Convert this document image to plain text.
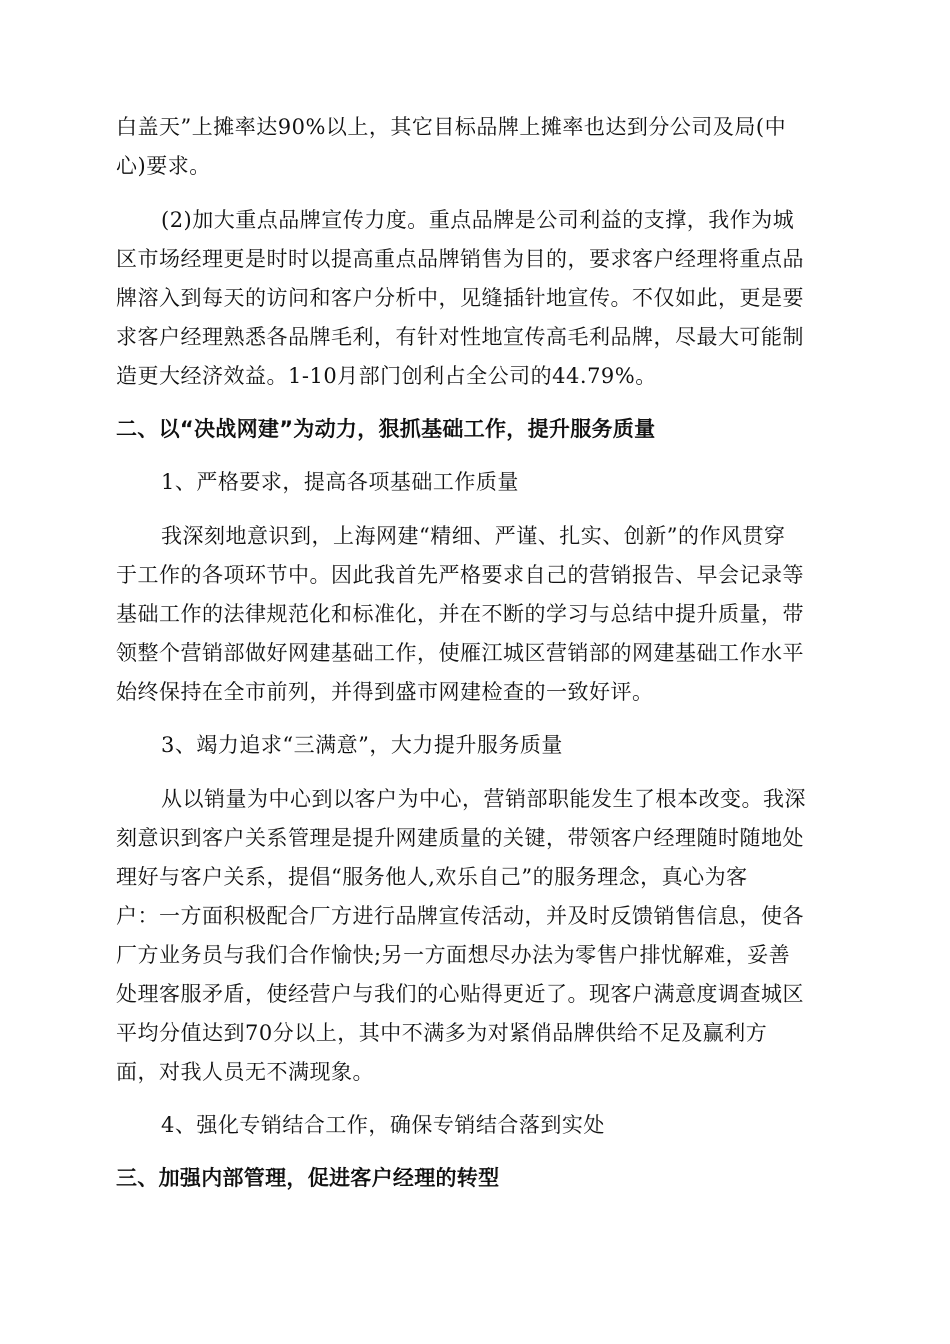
白盖天”上摊率达90%以上，其它目标品牌上摊率也达到分公司及局(中
心)要求。
(2)加大重点品牌宣传力度。重点品牌是公司利益的支撑，我作为城
区市场经理更是时时以提高重点品牌销售为目的，要求客户经理将重点品
牌溶入到每天的访问和客户分析中，见缝插针地宣传。不仅如此，更是要
求客户经理熟悉各品牌毛利，有针对性地宣传高毛利品牌，尽最大可能制
造更大经济效益。1-10月部门创利占全公司的44.79%。
二、以“决战网建”为动力，狠抓基础工作，提升服务质量
1、严格要求，提高各项基础工作质量
我深刻地意识到，上海网建“精细、严谨、扎实、创新”的作风贯穿
于工作的各项环节中。因此我首先严格要求自己的营销报告、早会记录等
基础工作的法律规范化和标准化，并在不断的学习与总结中提升质量，带
领整个营销部做好网建基础工作，使雁江城区营销部的网建基础工作水平
始终保持在全市前列，并得到盛市网建检查的一致好评。
3、竭力追求“三满意”，大力提升服务质量
从以销量为中心到以客户为中心，营销部职能发生了根本改变。我深
刻意识到客户关系管理是提升网建质量的关键，带领客户经理随时随地处
理好与客户关系，提倡“服务他人,欢乐自己”的服务理念，真心为客
户：一方面积极配合厂方进行品牌宣传活动，并及时反馈销售信息，使各
厂方业务员与我们合作愉快;另一方面想尽办法为零售户排忧解难，妥善
处理客服矛盾，使经营户与我们的心贴得更近了。现客户满意度调查城区
平均分值达到70分以上，其中不满多为对紧俏品牌供给不足及赢利方
面，对我人员无不满现象。
4、强化专销结合工作，确保专销结合落到实处
三、加强内部管理，促进客户经理的转型
